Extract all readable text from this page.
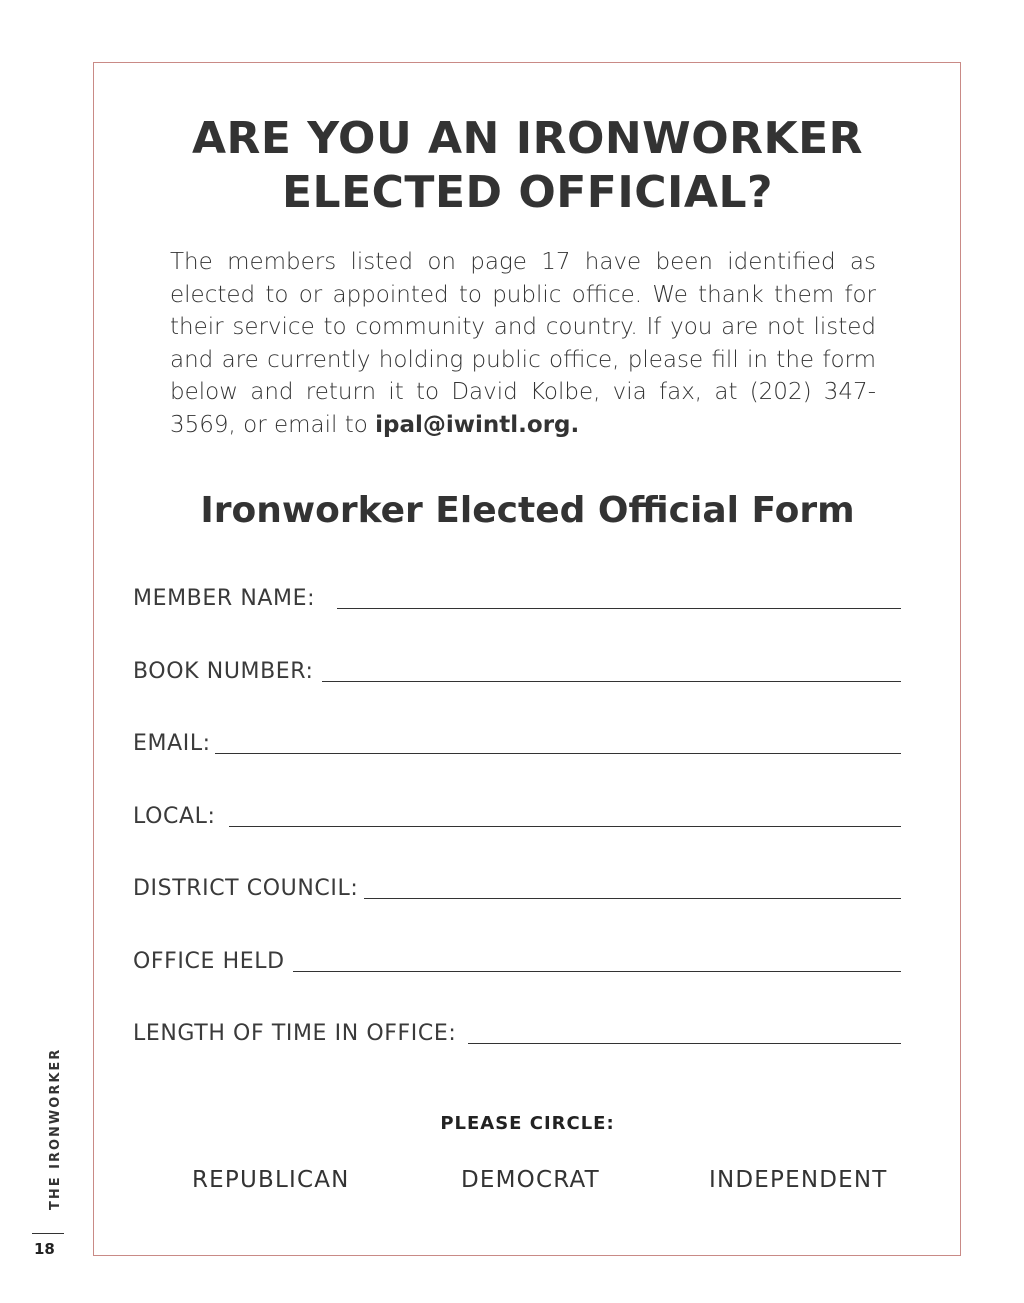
ARE YOU AN IRONWORKER
ELECTED OFFICIAL?

The members listed on page 17 have been identified as elected to or appointed to public office. We thank them for their service to community and country. If you are not listed and are currently holding public office, please fill in the form below and return it to David Kolbe, via fax, at (202) 347-3569, or email to ipal@iwintl.org.

Ironworker Elected Official Form
MEMBER NAME:
BOOK NUMBER:
EMAIL:
LOCAL:
DISTRICT COUNCIL:
OFFICE HELD
LENGTH OF TIME IN OFFICE:
PLEASE CIRCLE:
REPUBLICAN	DEMOCRAT	INDEPENDENT
THE IRONWORKER
18
